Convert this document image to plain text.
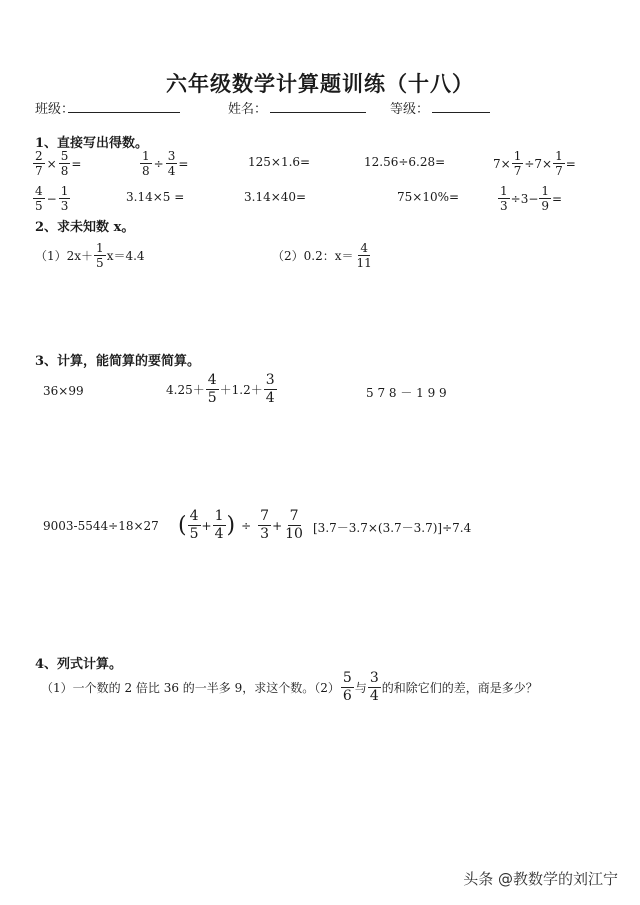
六年级数学计算题训练（十八）
班级：	姓名：	等级：
1、直接写出得数。
$\frac{2}{7} \times \frac{5}{8}$ =	$\frac{1}{8} \div \frac{3}{4}$ =	125×1.6=	12.56÷6.28=	$7\times \frac{1}{7} \div 7\times \frac{1}{7}$ =
$\frac{4}{5} - \frac{1}{3}$	3.14×5 =	3.14×40=	75×10%=	$\frac{1}{3} \div 3- \frac{1}{9}$ =
2、求未知数 x。
$(1)2x+ \frac{1}{5} x=4.4$	（2）0.2：$x= \frac{4}{11}$
3、计算，能简算的要简算。
36×99	$4.25+ \frac{4}{5} +1.2+ \frac{3}{4}$	5 7 8 － 1 9 9
9003-5544÷18×27 ( $\frac{4}{5} + \frac{1}{4}$ ) ÷ $\frac{7}{3} + \frac{7}{10} [3.7-3.7\times(3.7-3.7)]\div 7.4$
4、列式计算。
（1）一个数的 2 倍比 36 的一半多 9，求这个数。$(2) \frac{5}{6}$ 与 $\frac{3}{4}$ 的和除它们的差，商是多少？
头条 @教数学的刘江宁
